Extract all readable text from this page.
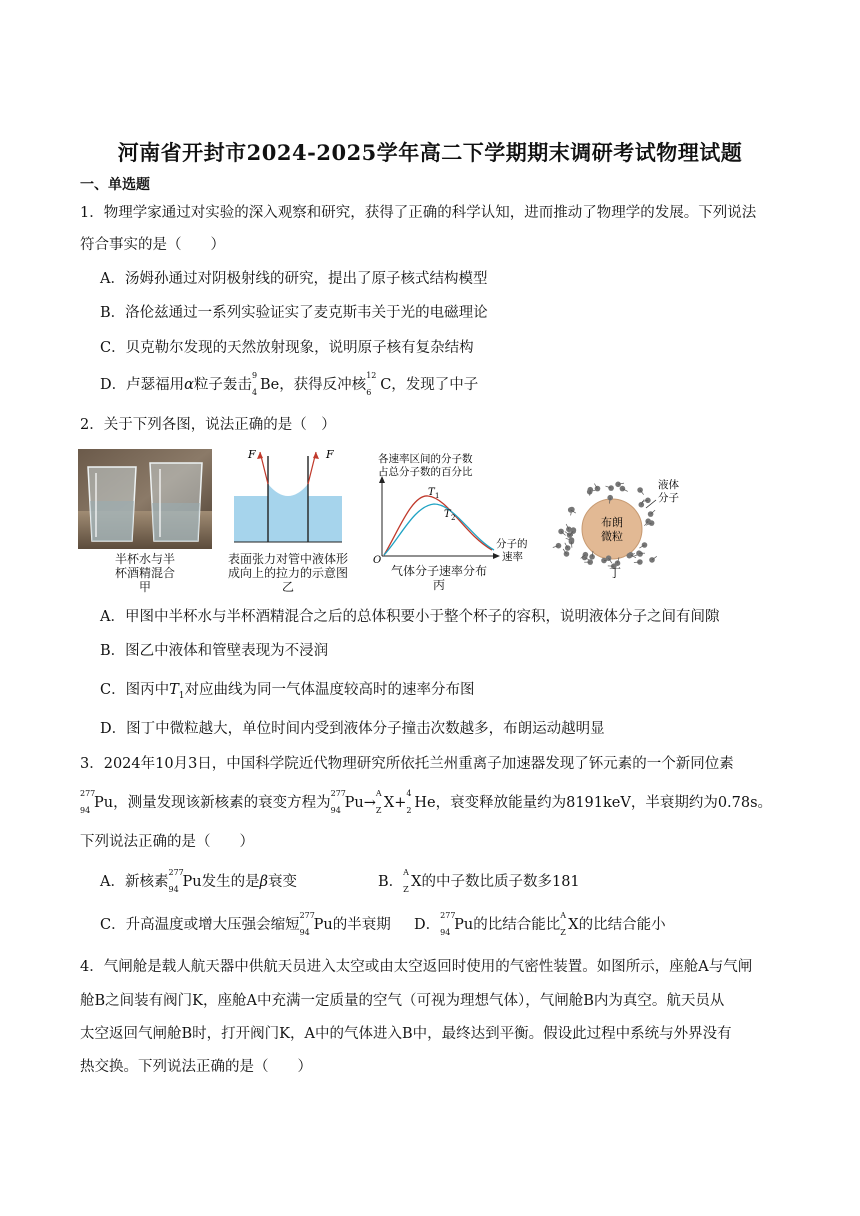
河南省开封市2024-2025学年高二下学期期末调研考试物理试题
一、单选题
1．物理学家通过对实验的深入观察和研究，获得了正确的科学认知，进而推动了物理学的发展。下列说法
符合事实的是（　　）
A．汤姆孙通过对阴极射线的研究，提出了原子核式结构模型
B．洛伦兹通过一系列实验证实了麦克斯韦关于光的电磁理论
C．贝克勒尔发现的天然放射现象，说明原子核有复杂结构
D．卢瑟福用α粒子轰击
9
4 Be，获得反冲核
12
6 C，发现了中子
2．关于下列各图，说法正确的是（　）
半杯水与半
杯酒精混合
甲
F	F
表面张力对管中液体形
成向上的拉力的示意图
乙
各速率区间的分子数
占总分子数的百分比
T 1
T 2
分子的
速率
O
气体分子速率分布
丙
布朗
微粒
液体
分子
丁
A．甲图中半杯水与半杯酒精混合之后的总体积要小于整个杯子的容积，说明液体分子之间有间隙
B．图乙中液体和管壁表现为不浸润
C．图丙中$T_1$对应曲线为同一气体温度较高时的速率分布图
D．图丁中微粒越大，单位时间内受到液体分子撞击次数越多，布朗运动越明显
3．2024年10月3日，中国科学院近代物理研究所依托兰州重离子加速器发现了钚元素的一个新同位素
277
94 Pu，测量发现该新核素的衰变方程为
277
94 Pu→
A
Z X+
4
2 He，衰变释放能量约为8191keV，半衰期约为0.78s。
下列说法正确的是（　　）
A．新核素
277
94 Pu发生的是β衰变	B．
A
Z X的中子数比质子数多181
C．升高温度或增大压强会缩短
277
94 Pu的半衰期 D．
277
94 Pu的比结合能比
A
Z X的比结合能小
4．气闸舱是载人航天器中供航天员进入太空或由太空返回时使用的气密性装置。如图所示，座舱A与气闸
舱B之间装有阀门K，座舱A中充满一定质量的空气（可视为理想气体），气闸舱B内为真空。航天员从
太空返回气闸舱B时，打开阀门K，A中的气体进入B中，最终达到平衡。假设此过程中系统与外界没有
热交换。下列说法正确的是（　　）
